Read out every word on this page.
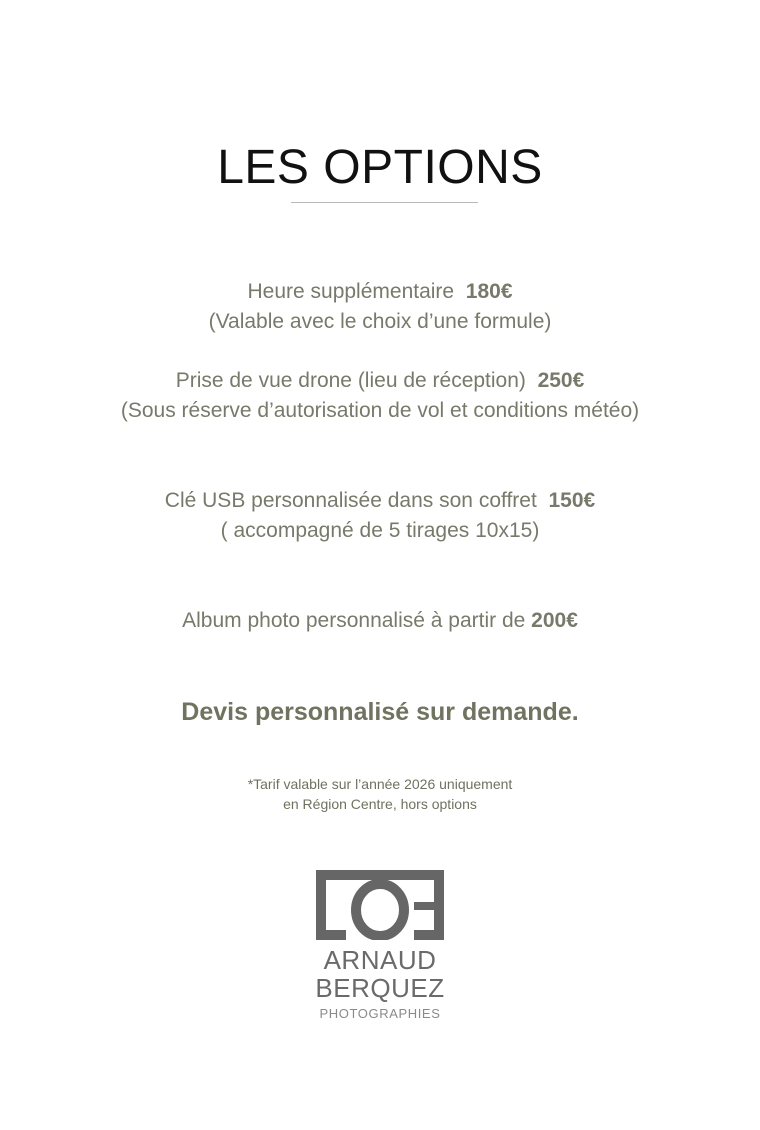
LES OPTIONS
Heure supplémentaire 180€
(Valable avec le choix d’une formule)
Prise de vue drone (lieu de réception) 250€
(Sous réserve d’autorisation de vol et conditions météo)
Clé USB personnalisée dans son coffret 150€
( accompagné de 5 tirages 10x15)
Album photo personnalisé à partir de 200€
Devis personnalisé sur demande.
*Tarif valable sur l’année 2026 uniquement
en Région Centre, hors options
ARNAUD
BERQUEZ
PHOTOGRAPHIES
